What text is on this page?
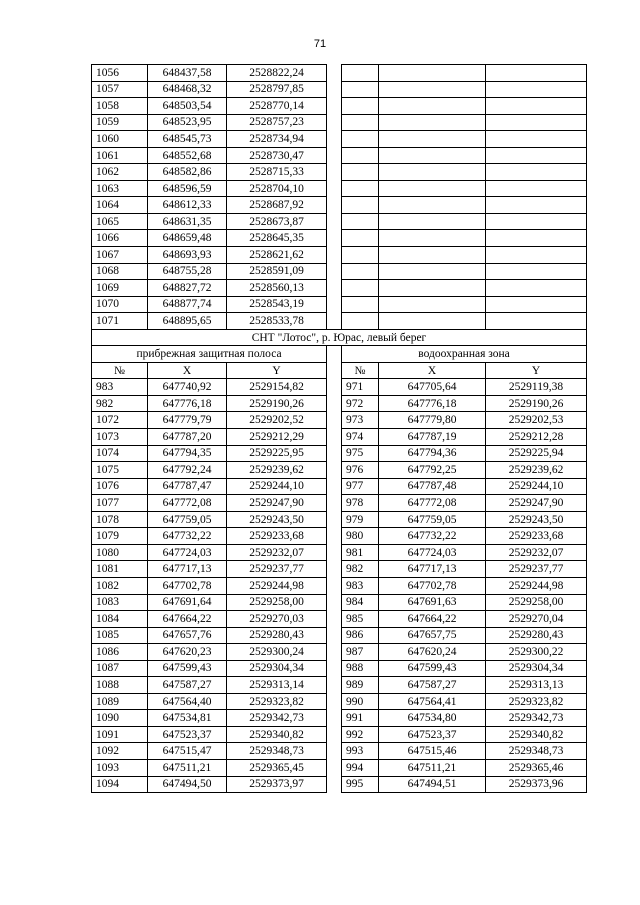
71
1056	648437,58	2528822,24				
1057	648468,32	2528797,85				
1058	648503,54	2528770,14				
1059	648523,95	2528757,23				
1060	648545,73	2528734,94				
1061	648552,68	2528730,47				
1062	648582,86	2528715,33				
1063	648596,59	2528704,10				
1064	648612,33	2528687,92				
1065	648631,35	2528673,87				
1066	648659,48	2528645,35				
1067	648693,93	2528621,62				
1068	648755,28	2528591,09				
1069	648827,72	2528560,13				
1070	648877,74	2528543,19				
1071	648895,65	2528533,78				
СНТ "Лотос", р. Юрас, левый берег						
прибрежная защитная полоса				водоохранная зона		
№	X	Y		№	X	Y
983	647740,92	2529154,82		971	647705,64	2529119,38
982	647776,18	2529190,26		972	647776,18	2529190,26
1072	647779,79	2529202,52		973	647779,80	2529202,53
1073	647787,20	2529212,29		974	647787,19	2529212,28
1074	647794,35	2529225,95		975	647794,36	2529225,94
1075	647792,24	2529239,62		976	647792,25	2529239,62
1076	647787,47	2529244,10		977	647787,48	2529244,10
1077	647772,08	2529247,90		978	647772,08	2529247,90
1078	647759,05	2529243,50		979	647759,05	2529243,50
1079	647732,22	2529233,68		980	647732,22	2529233,68
1080	647724,03	2529232,07		981	647724,03	2529232,07
1081	647717,13	2529237,77		982	647717,13	2529237,77
1082	647702,78	2529244,98		983	647702,78	2529244,98
1083	647691,64	2529258,00		984	647691,63	2529258,00
1084	647664,22	2529270,03		985	647664,22	2529270,04
1085	647657,76	2529280,43		986	647657,75	2529280,43
1086	647620,23	2529300,24		987	647620,24	2529300,22
1087	647599,43	2529304,34		988	647599,43	2529304,34
1088	647587,27	2529313,14		989	647587,27	2529313,13
1089	647564,40	2529323,82		990	647564,41	2529323,82
1090	647534,81	2529342,73		991	647534,80	2529342,73
1091	647523,37	2529340,82		992	647523,37	2529340,82
1092	647515,47	2529348,73		993	647515,46	2529348,73
1093	647511,21	2529365,45		994	647511,21	2529365,46
1094	647494,50	2529373,97		995	647494,51	2529373,96
